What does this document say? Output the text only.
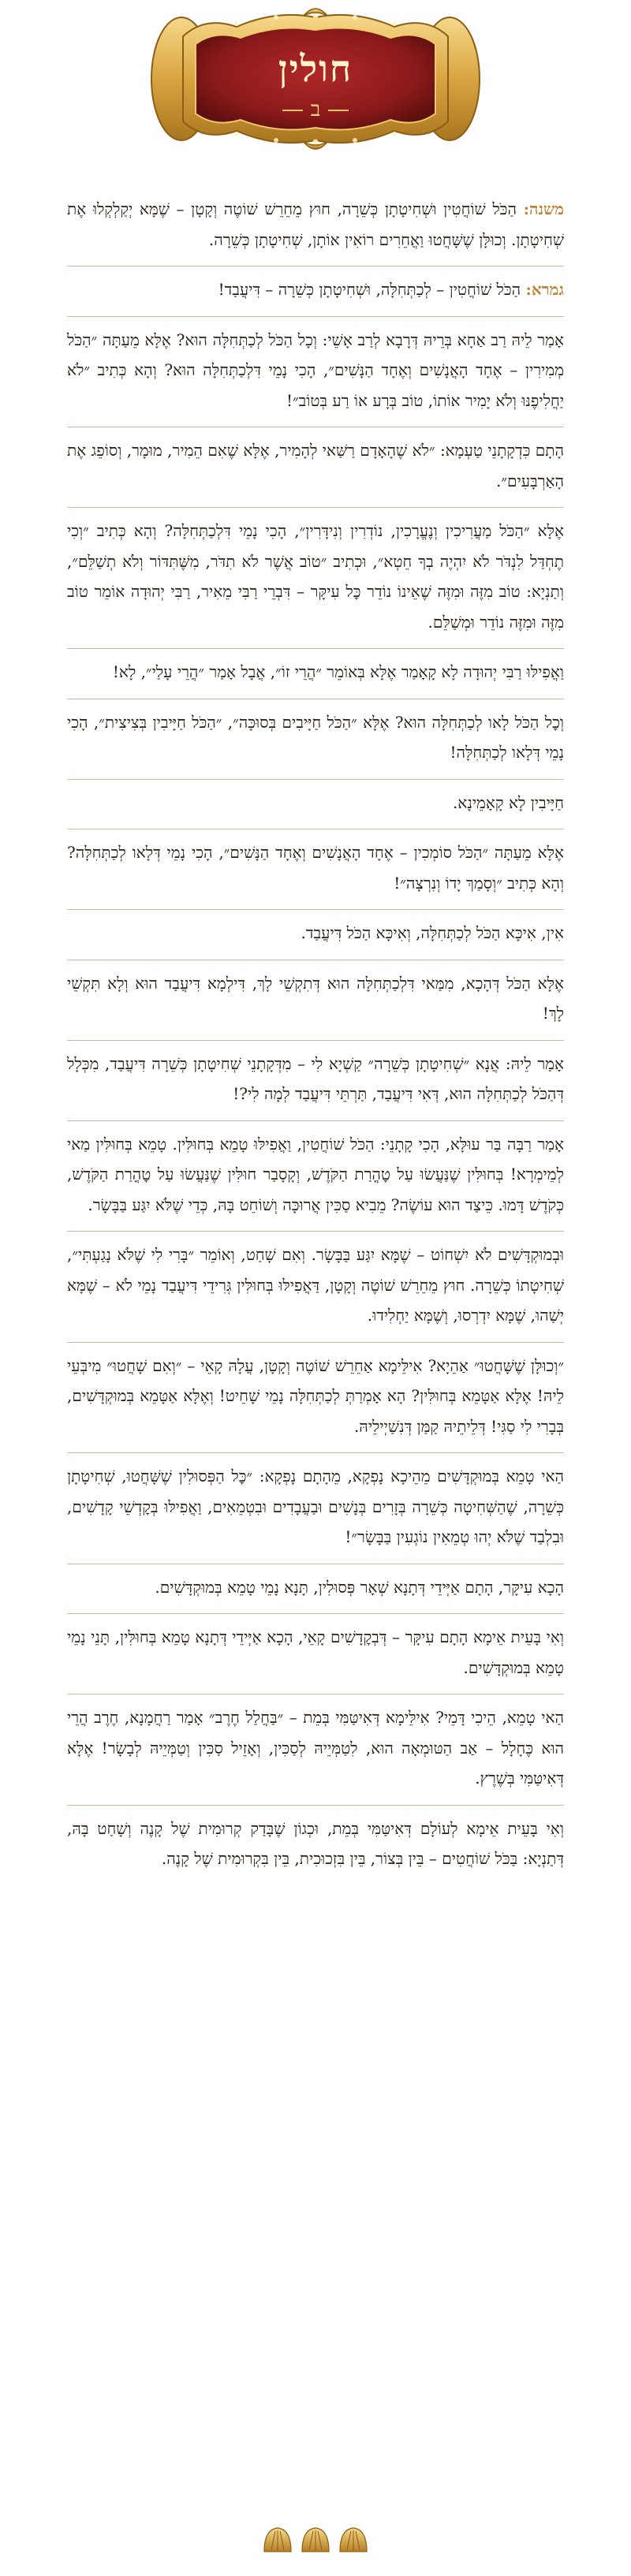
חולין
ב

משנה: הַכֹּל שׁוֹחֲטִין וּשְׁחִיטָתָן כְּשֵׁרָה, חוּץ מֵחֵרֵשׁ שׁוֹטֶה וְקָטָן – שֶׁמָּא יְקַלְקְלוּ אֶת שְׁחִיטָתָן. וְכוּלָּן שֶׁשָּׁחֲטוּ וַאֲחֵרִים רוֹאִין אוֹתָן, שְׁחִיטָתָן כְּשֵׁרָה.

גמרא: הַכֹּל שׁוֹחֲטִין – לְכַתְּחִלָּה, וּשְׁחִיטָתָן כְּשֵׁרָה – דִּיעֲבַד!

אָמַר לֵיהּ רַב אַחָא בְּרֵיהּ דְּרָבָא לְרַב אָשֵׁי: וְכָל הַכֹּל לְכַתְּחִלָּה הוּא? אֶלָּא מֵעַתָּה ״הַכֹּל מְמִירִין – אֶחָד הָאֲנָשִׁים וְאֶחָד הַנָּשִׁים״, הָכִי נָמֵי דִּלְכַתְּחִלָּה הוּא? וְהָא כְּתִיב ״לֹא יַחֲלִיפֶנּוּ וְלֹא יָמִיר אוֹתוֹ, טוֹב בְּרָע אוֹ רַע בְּטוֹב״!

הָתָם כִּדְקָתָנֵי טַעְמָא: ״לֹא שֶׁהָאָדָם רַשַּׁאי לְהָמִיר, אֶלָּא שֶׁאִם הֵמִיר, מוּמָר, וְסוֹפֵג אֶת הָאַרְבָּעִים״.

אֶלָּא ״הַכֹּל מַעֲרִיכִין וְנֶעֱרָכִין, נוֹדְרִין וְנִידָּרִין״, הָכִי נָמֵי דִּלְכַתְּחִלָּה? וְהָא כְּתִיב ״וְכִי תֶחְדַּל לִנְדֹּר לֹא יִהְיֶה בְךָ חֵטְא״, וּכְתִיב ״טוֹב אֲשֶׁר לֹא תִדֹּר, מִשֶּׁתִּדּוֹר וְלֹא תְשַׁלֵּם״, וְתַנְיָא: טוֹב מִזֶּה וּמִזֶּה שֶׁאֵינוֹ נוֹדֵר כׇּל עִיקָּר – דִּבְרֵי רַבִּי מֵאִיר, רַבִּי יְהוּדָה אוֹמֵר טוֹב מִזֶּה וּמִזֶּה נוֹדֵר וּמְשַׁלֵּם.

וַאֲפִילּוּ רַבִּי יְהוּדָה לָא קָאָמַר אֶלָּא בְּאוֹמֵר ״הֲרֵי זוֹ״, אֲבָל אָמַר ״הֲרֵי עָלַי״, לָא!

וְכׇל הַכֹּל לָאו לְכַתְּחִלָּה הוּא? אֶלָּא ״הַכֹּל חַיָּיבִים בְּסוּכָּה״, ״הַכֹּל חַיָּיבִין בְּצִיצִית״, הָכִי נָמֵי דְּלָאו לְכַתְּחִלָּה!

חַיָּיבִין לָא קָאָמֵינָא.

אֶלָּא מֵעַתָּה ״הַכֹּל סוֹמְכִין – אֶחָד הָאֲנָשִׁים וְאֶחָד הַנָּשִׁים״, הָכִי נָמֵי דְּלָאו לְכַתְּחִלָּה? וְהָא כְּתִיב ״וְסָמַךְ יָדוֹ וְנִרְצָה״!

אִין, אִיכָּא הַכֹּל לְכַתְּחִלָּה, וְאִיכָּא הַכֹּל דִּיעֲבַד.

אֶלָּא הַכֹּל דְּהָכָא, מִמַּאי דִּלְכַתְּחִלָּה הוּא דְּתִקְשֵׁי לָךְ, דִּילְמָא דִּיעֲבַד הוּא וְלָא תִּקְשֵׁי לָךְ!

אָמַר לֵיהּ: אֲנָא ״שְׁחִיטָתָן כְּשֵׁרָה״ קַשְׁיָא לִי – מִדְּקָתָנֵי שְׁחִיטָתָן כְּשֵׁרָה דִּיעֲבַד, מִכְּלָל דְּהַכֹּל לְכַתְּחִלָּה הוּא, דְּאִי דִּיעֲבַד, תַּרְתֵּי דִּיעֲבַד לְמָה לִי?!

אָמַר רַבָּה בַּר עוּלָּא, הָכִי קָתָנֵי: הַכֹּל שׁוֹחֲטִין, וַאֲפִילּוּ טָמֵא בְּחוּלִּין. טָמֵא בְּחוּלִּין מַאי לְמֵימְרָא! בְּחוּלִּין שֶׁנַּעֲשׂוּ עַל טׇהֳרַת הַקֹּדֶשׁ, וְקָסָבַר חוּלִּין שֶׁנַּעֲשׂוּ עַל טׇהֳרַת הַקֹּדֶשׁ, כְּקֹדֶשׁ דָּמוּ. כֵּיצַד הוּא עוֹשֶׂה? מֵבִיא סַכִּין אֲרוּכָּה וְשׁוֹחֵט בָּהּ, כְּדֵי שֶׁלֹּא יִגַּע בַּבָּשָׂר.

וּבְמוּקְדָּשִׁים לֹא יִשְׁחוֹט – שֶׁמָּא יִגַּע בַּבָּשָׂר. וְאִם שָׁחַט, וְאוֹמֵר ״בָּרִי לִי שֶׁלֹּא נָגַעְתִּי״, שְׁחִיטָתוֹ כְּשֵׁרָה. חוּץ מֵחֵרֵשׁ שׁוֹטֶה וְקָטָן, דַּאֲפִילּוּ בְּחוּלִּין גְּרִידֵי דִּיעֲבַד נָמֵי לֹא – שֶׁמָּא יְשַׁהוּ, שֶׁמָּא יִדְרְסוּ, וְשֶׁמָּא יַחְלִידוּ.

״וְכוּלָּן שֶׁשָּׁחֲטוּ״ אַהֵיָא? אִילֵּימָא אַחֵרֵשׁ שׁוֹטֶה וְקָטָן, עֲלָהּ קָאֵי – ״וְאִם שָׁחֲטוּ״ מִיבְּעֵי לֵיהּ! אֶלָּא אַטָּמֵא בְּחוּלִּין? הָא אָמְרַתְּ לְכַתְּחִלָּה נָמֵי שָׁחֵיט! וְאֶלָּא אַטָּמֵא בְּמוּקְדָּשִׁים, בְּבָרִי לִי סַגִּי! דְּלֵיתֵיהּ קַמַּן דְּנִשַׁיְילֵיהּ.

הַאי טָמֵא בְּמוּקְדָּשִׁים מֵהֵיכָא נָפְקָא, מֵהָתָם נָפְקָא: ״כׇּל הַפְּסוּלִין שֶׁשָּׁחֲטוּ, שְׁחִיטָתָן כְּשֵׁרָה, שֶׁהַשְּׁחִיטָה כְּשֵׁרָה בְּזָרִים בְּנָשִׁים וּבַעֲבָדִים וּבִטְמֵאִים, וַאֲפִילּוּ בְּקׇדְשֵׁי קָדָשִׁים, וּבִלְבַד שֶׁלֹּא יְהוּ טְמֵאִין נוֹגְעִין בַּבָּשָׂר״!

הָכָא עִיקָּר, הָתָם אַיְּידֵי דְּתָנָא שְׁאָר פְּסוּלִין, תָּנָא נָמֵי טָמֵא בְּמוּקְדָּשִׁים.

וְאִי בָּעֵית אֵימָא הָתָם עִיקָּר – דְּבְקׇדָשִׁים קָאֵי, הָכָא אַיְּידֵי דְּתָנָא טָמֵא בְּחוּלִּין, תָּנֵי נָמֵי טָמֵא בְּמוּקְדָּשִׁים.

הַאי טָמֵא, הֵיכִי דָּמֵי? אִילֵּימָא דְּאִיטַּמִּי בְּמֵת – ״בַּחֲלַל חֶרֶב״ אָמַר רַחֲמָנָא, חֶרֶב הֲרֵי הוּא כֶּחָלָל – אַב הַטּוּמְאָה הוּא, לִטַמְּיֵיהּ לְסַכִּין, וְאָזֵיל סַכִּין וְטַמְּיֵיהּ לְבָשָׂר! אֶלָּא דְּאִיטַּמִּי בְּשֶׁרֶץ.

וְאִי בָּעֵית אֵימָא לְעוֹלָם דְּאִיטַּמִּי בְּמֵת, וּכְגוֹן שֶׁבָּדַק קְרוּמִית שֶׁל קָנֶה וְשָׁחַט בָּהּ, דְּתַנְיָא: בַּכֹּל שׁוֹחֲטִים – בֵּין בְּצוֹר, בֵּין בִּזְכוּכִית, בֵּין בִּקְרוּמִית שֶׁל קָנֶה.
